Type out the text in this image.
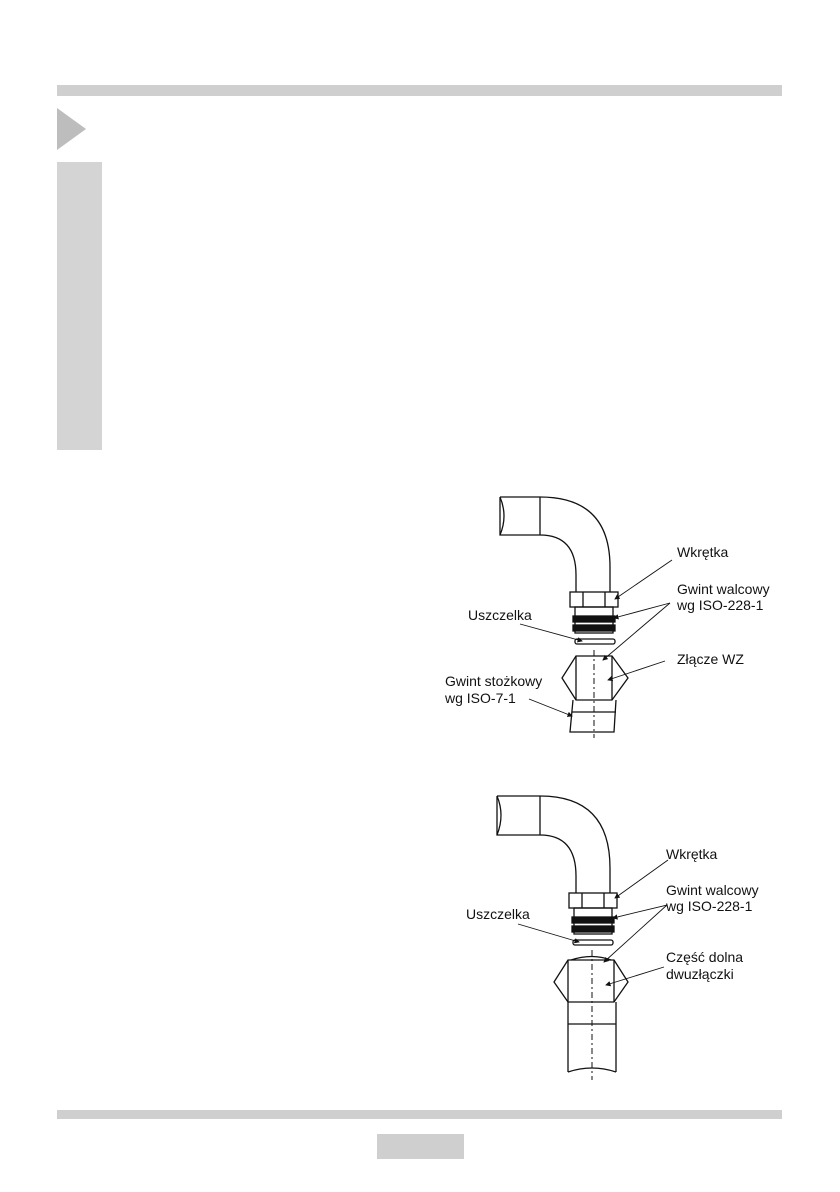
Wkrętka
Gwint walcowy
wg ISO-228-1
Uszczelka
Złącze WZ
Gwint stożkowy
wg ISO-7-1
Wkrętka
Gwint walcowy
wg ISO-228-1
Uszczelka
Część dolna
dwuzłączki
